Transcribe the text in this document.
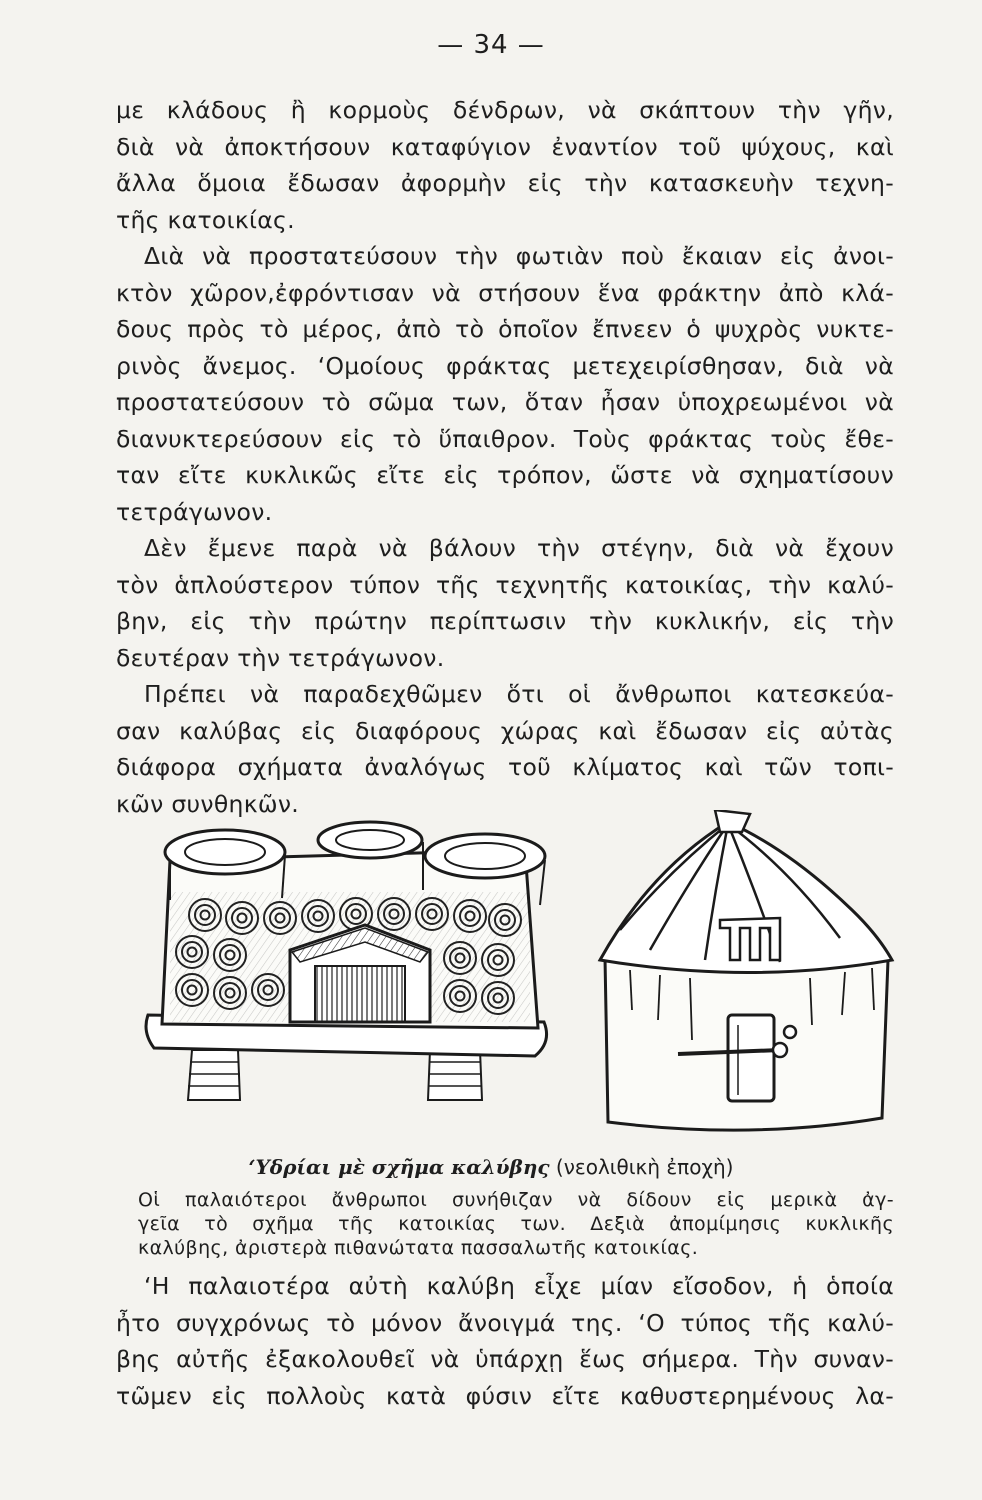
— 34 —
με κλάδους ἢ κορμοὺς δένδρων, νὰ σκάπτουν τὴν γῆν,
διὰ νὰ ἀποκτήσουν καταφύγιον ἐναντίον τοῦ ψύχους, καὶ
ἄλλα ὅμοια ἔδωσαν ἀφορμὴν εἰς τὴν κατασκευὴν τεχνη-
τῆς κατοικίας.
Διὰ νὰ προστατεύσουν τὴν φωτιὰν ποὺ ἔκαιαν εἰς ἀνοι-
κτὸν χῶρον,ἐφρόντισαν νὰ στήσουν ἕνα φράκτην ἀπὸ κλά-
δους πρὸς τὸ μέρος, ἀπὸ τὸ ὁποῖον ἔπνεεν ὁ ψυχρὸς νυκτε-
ρινὸς ἄνεμος. ‘Ομοίους φράκτας μετεχειρίσθησαν, διὰ νὰ
προστατεύσουν τὸ σῶμα των, ὅταν ἦσαν ὑποχρεωμένοι νὰ
διανυκτερεύσουν εἰς τὸ ὕπαιθρον. Τοὺς φράκτας τοὺς ἔθε-
ταν εἴτε κυκλικῶς εἴτε εἰς τρόπον, ὥστε νὰ σχηματίσουν
τετράγωνον.
Δὲν ἔμενε παρὰ νὰ βάλουν τὴν στέγην, διὰ νὰ ἔχουν
τὸν ἁπλούστερον τύπον τῆς τεχνητῆς κατοικίας, τὴν καλύ-
βην, εἰς τὴν πρώτην περίπτωσιν τὴν κυκλικήν, εἰς τὴν
δευτέραν τὴν τετράγωνον.
Πρέπει νὰ παραδεχθῶμεν ὅτι οἱ ἄνθρωποι κατεσκεύα-
σαν καλύβας εἰς διαφόρους χώρας καὶ ἔδωσαν εἰς αὐτὰς
διάφορα σχήματα ἀναλόγως τοῦ κλίματος καὶ τῶν τοπι-
κῶν συνθηκῶν.
‘Υδρίαι μὲ σχῆμα καλύβης (νεολιθικὴ ἐποχὴ)
Οἱ παλαιότεροι ἄνθρωποι συνήθιζαν νὰ δίδουν εἰς μερικὰ ἀγ-
γεῖα τὸ σχῆμα τῆς κατοικίας των. Δεξιὰ ἀπομίμησις κυκλικῆς
καλύβης, ἀριστερὰ πιθανώτατα πασσαλωτῆς κατοικίας.
‘Η παλαιοτέρα αὐτὴ καλύβη εἶχε μίαν εἴσοδον, ἡ ὁποία
ἦτο συγχρόνως τὸ μόνον ἄνοιγμά της. ‘Ο τύπος τῆς καλύ-
βης αὐτῆς ἐξακολουθεῖ νὰ ὑπάρχῃ ἕως σήμερα. Τὴν συναν-
τῶμεν εἰς πολλοὺς κατὰ φύσιν εἴτε καθυστερημένους λα-
